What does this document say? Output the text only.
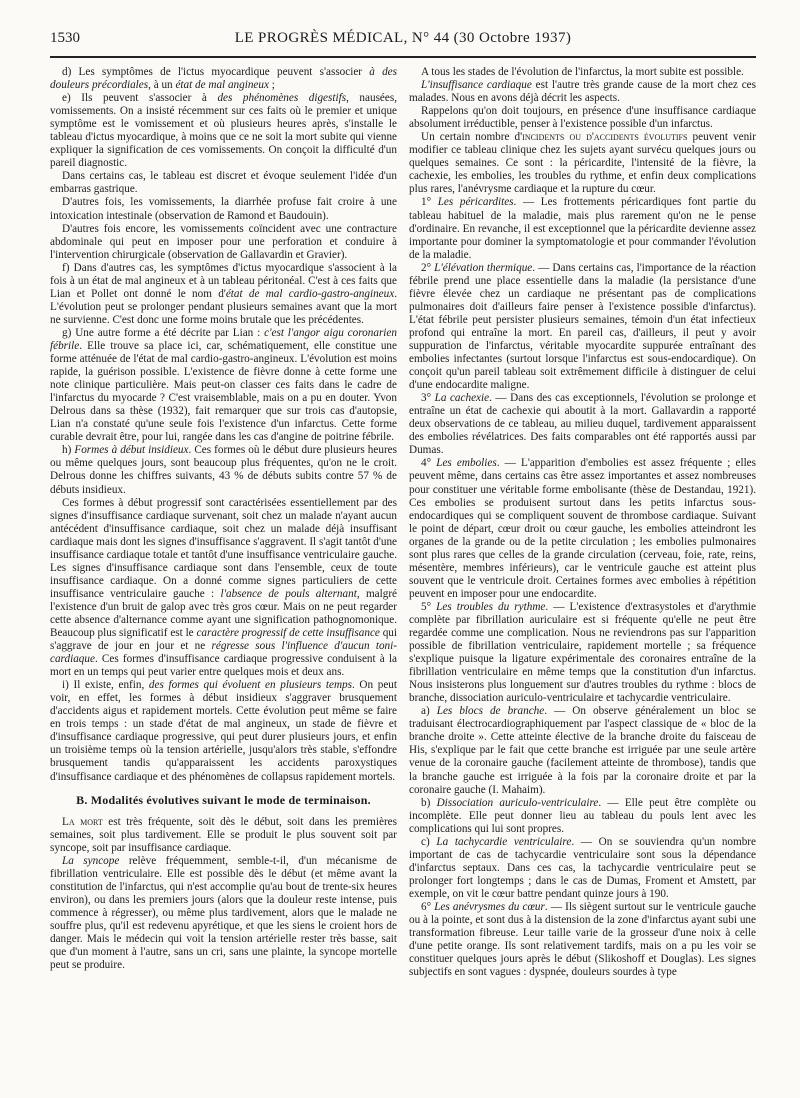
1530	LE PROGRÈS MÉDICAL, N° 44 (30 Octobre 1937)

d) Les symptômes de l'ictus myocardique peuvent s'associer à des douleurs précordiales, à un état de mal angineux ;

e) Ils peuvent s'associer à des phénomènes digestifs, nausées, vomissements. On a insisté récemment sur ces faits où le premier et unique symptôme est le vomissement et où plusieurs heures après, s'installe le tableau d'ictus myocardique, à moins que ce ne soit la mort subite qui vienne expliquer la signification de ces vomissements. On conçoit la difficulté d'un pareil diagnostic.

Dans certains cas, le tableau est discret et évoque seulement l'idée d'un embarras gastrique.

D'autres fois, les vomissements, la diarrhée profuse fait croire à une intoxication intestinale (observation de Ramond et Baudouin).

D'autres fois encore, les vomissements coïncident avec une contracture abdominale qui peut en imposer pour une perforation et conduire à l'intervention chirurgicale (observation de Gallavardin et Gravier).

f) Dans d'autres cas, les symptômes d'ictus myocardique s'associent à la fois à un état de mal angineux et à un tableau péritonéal. C'est à ces faits que Lian et Pollet ont donné le nom d'état de mal cardio-gastro-angineux. L'évolution peut se prolonger pendant plusieurs semaines avant que la mort ne survienne. C'est donc une forme moins brutale que les précédentes.

g) Une autre forme a été décrite par Lian : c'est l'angor aigu coronarien fébrile. Elle trouve sa place ici, car, schématiquement, elle constitue une forme atténuée de l'état de mal cardio-gastro-angineux. L'évolution est moins rapide, la guérison possible. L'existence de fièvre donne à cette forme une note clinique particulière. Mais peut-on classer ces faits dans le cadre de l'infarctus du myocarde ? C'est vraisemblable, mais on a pu en douter. Yvon Delrous dans sa thèse (1932), fait remarquer que sur trois cas d'autopsie, Lian n'a constaté qu'une seule fois l'existence d'un infarctus. Cette forme curable devrait être, pour lui, rangée dans les cas d'angine de poitrine fébrile.

h) Formes à début insidieux. Ces formes où le début dure plusieurs heures ou même quelques jours, sont beaucoup plus fréquentes, qu'on ne le croit. Delrous donne les chiffres suivants, 43 % de débuts subits contre 57 % de débuts insidieux.

Ces formes à début progressif sont caractérisées essentiellement par des signes d'insuffisance cardiaque survenant, soit chez un malade n'ayant aucun antécédent d'insuffisance cardiaque, soit chez un malade déjà insuffisant cardiaque mais dont les signes d'insuffisance s'aggravent. Il s'agit tantôt d'une insuffisance cardiaque totale et tantôt d'une insuffisance ventriculaire gauche. Les signes d'insuffisance cardiaque sont dans l'ensemble, ceux de toute insuffisance cardiaque. On a donné comme signes particuliers de cette insuffisance ventriculaire gauche : l'absence de pouls alternant, malgré l'existence d'un bruit de galop avec très gros cœur. Mais on ne peut regarder cette absence d'alternance comme ayant une signification pathognomonique. Beaucoup plus significatif est le caractère progressif de cette insuffisance qui s'aggrave de jour en jour et ne régresse sous l'influence d'aucun toni-cardiaque. Ces formes d'insuffisance cardiaque progressive conduisent à la mort en un temps qui peut varier entre quelques mois et deux ans.

i) Il existe, enfin, des formes qui évoluent en plusieurs temps. On peut voir, en effet, les formes à début insidieux s'aggraver brusquement d'accidents aigus et rapidement mortels. Cette évolution peut même se faire en trois temps : un stade d'état de mal angineux, un stade de fièvre et d'insuffisance cardiaque progressive, qui peut durer plusieurs jours, et enfin un troisième temps où la tension artérielle, jusqu'alors très stable, s'effondre brusquement tandis qu'apparaissent les accidents paroxystiques d'insuffisance cardiaque et des phénomènes de collapsus rapidement mortels.

B. Modalités évolutives suivant le mode de terminaison.

La mort est très fréquente, soit dès le début, soit dans les premières semaines, soit plus tardivement. Elle se produit le plus souvent soit par syncope, soit par insuffisance cardiaque.

La syncope relève fréquemment, semble-t-il, d'un mécanisme de fibrillation ventriculaire. Elle est possible dès le début (et même avant la constitution de l'infarctus, qui n'est accomplie qu'au bout de trente-six heures environ), ou dans les premiers jours (alors que la douleur reste intense, puis commence à régresser), ou même plus tardivement, alors que le malade ne souffre plus, qu'il est redevenu apyrétique, et que les siens le croient hors de danger. Mais le médecin qui voit la tension artérielle rester très basse, sait que d'un moment à l'autre, sans un cri, sans une plainte, la syncope mortelle peut se produire.

A tous les stades de l'évolution de l'infarctus, la mort subite est possible.

L'insuffisance cardiaque est l'autre très grande cause de la mort chez ces malades. Nous en avons déjà décrit les aspects.

Rappelons qu'on doit toujours, en présence d'une insuffisance cardiaque absolument irréductible, penser à l'existence possible d'un infarctus.

Un certain nombre d'incidents ou d'accidents évolutifs peuvent venir modifier ce tableau clinique chez les sujets ayant survécu quelques jours ou quelques semaines. Ce sont : la péricardite, l'intensité de la fièvre, la cachexie, les embolies, les troubles du rythme, et enfin deux complications plus rares, l'anévrysme cardiaque et la rupture du cœur.

1° Les péricardites. — Les frottements péricardiques font partie du tableau habituel de la maladie, mais plus rarement qu'on ne le pense d'ordinaire. En revanche, il est exceptionnel que la péricardite devienne assez importante pour dominer la symptomatologie et pour commander l'évolution de la maladie.

2° L'élévation thermique. — Dans certains cas, l'importance de la réaction fébrile prend une place essentielle dans la maladie (la persistance d'une fièvre élevée chez un cardiaque ne présentant pas de complications pulmonaires doit d'ailleurs faire penser à l'existence possible d'infarctus). L'état fébrile peut persister plusieurs semaines, témoin d'un état infectieux profond qui entraîne la mort. En pareil cas, d'ailleurs, il peut y avoir suppuration de l'infarctus, véritable myocardite suppurée entraînant des embolies infectantes (surtout lorsque l'infarctus est sous-endocardique). On conçoit qu'un pareil tableau soit extrêmement difficile à distinguer de celui d'une endocardite maligne.

3° La cachexie. — Dans des cas exceptionnels, l'évolution se prolonge et entraîne un état de cachexie qui aboutit à la mort. Gallavardin a rapporté deux observations de ce tableau, au milieu duquel, tardivement apparaissent des embolies révélatrices. Des faits comparables ont été rapportés aussi par Dumas.

4° Les embolies. — L'apparition d'embolies est assez fréquente ; elles peuvent même, dans certains cas être assez importantes et assez nombreuses pour constituer une véritable forme embolisante (thèse de Destandau, 1921). Ces embolies se produisent surtout dans les petits infarctus sous-endocardiques qui se compliquent souvent de thrombose cardiaque. Suivant le point de départ, cœur droit ou cœur gauche, les embolies atteindront les organes de la grande ou de la petite circulation ; les embolies pulmonaires sont plus rares que celles de la grande circulation (cerveau, foie, rate, reins, mésentère, membres inférieurs), car le ventricule gauche est atteint plus souvent que le ventricule droit. Certaines formes avec embolies à répétition peuvent en imposer pour une endocardite.

5° Les troubles du rythme. — L'existence d'extrasystoles et d'arythmie complète par fibrillation auriculaire est si fréquente qu'elle ne peut être regardée comme une complication. Nous ne reviendrons pas sur l'apparition possible de fibrillation ventriculaire, rapidement mortelle ; sa fréquence s'explique puisque la ligature expérimentale des coronaires entraîne de la fibrillation ventriculaire en même temps que la constitution d'un infarctus. Nous insisterons plus longuement sur d'autres troubles du rythme : blocs de branche, dissociation auriculo-ventriculaire et tachycardie ventriculaire.

a) Les blocs de branche. — On observe généralement un bloc se traduisant électrocardiographiquement par l'aspect classique de « bloc de la branche droite ». Cette atteinte élective de la branche droite du faisceau de His, s'explique par le fait que cette branche est irriguée par une seule artère venue de la coronaire gauche (facilement atteinte de thrombose), tandis que la branche gauche est irriguée à la fois par la coronaire droite et par la coronaire gauche (I. Mahaim).

b) Dissociation auriculo-ventriculaire. — Elle peut être complète ou incomplète. Elle peut donner lieu au tableau du pouls lent avec les complications qui lui sont propres.

c) La tachycardie ventriculaire. — On se souviendra qu'un nombre important de cas de tachycardie ventriculaire sont sous la dépendance d'infarctus septaux. Dans ces cas, la tachycardie ventriculaire peut se prolonger fort longtemps ; dans le cas de Dumas, Froment et Amstett, par exemple, on vit le cœur battre pendant quinze jours à 190.

6° Les anévrysmes du cœur. — Ils siègent surtout sur le ventricule gauche ou à la pointe, et sont dus à la distension de la zone d'infarctus ayant subi une transformation fibreuse. Leur taille varie de la grosseur d'une noix à celle d'une petite orange. Ils sont relativement tardifs, mais on a pu les voir se constituer quelques jours après le début (Slikoshoff et Douglas). Les signes subjectifs en sont vagues : dyspnée, douleurs sourdes à type
